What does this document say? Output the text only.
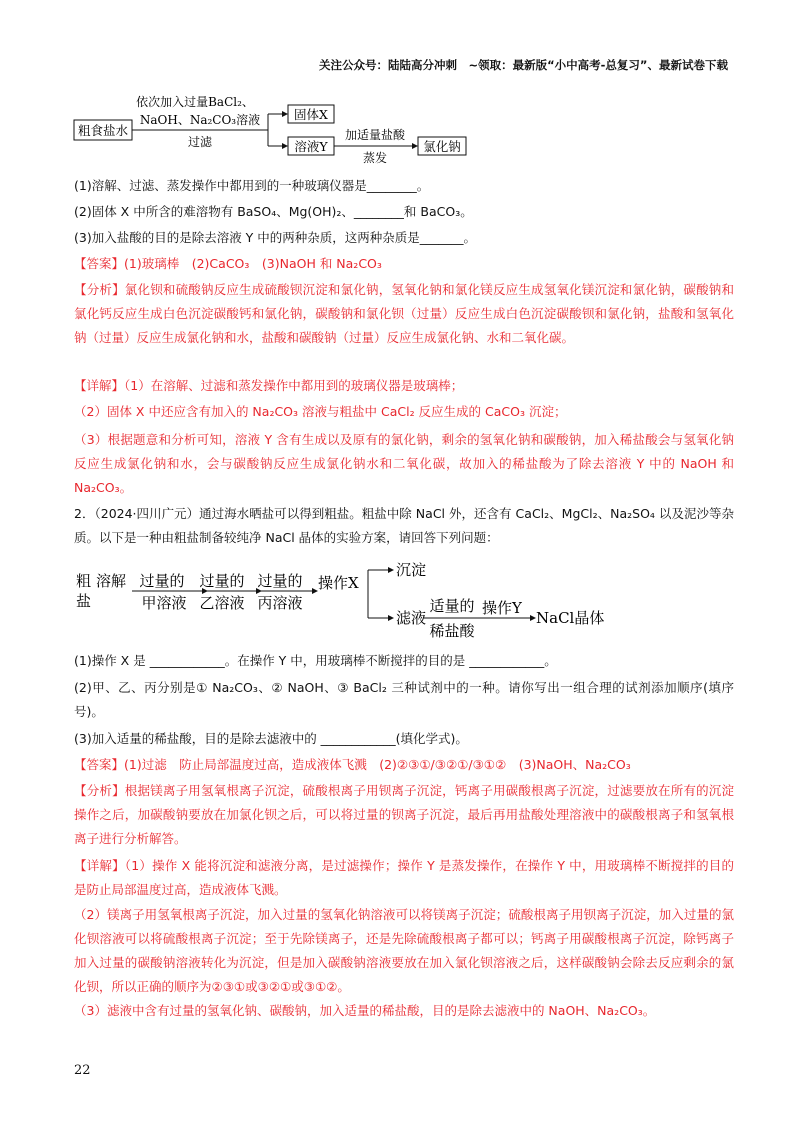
关注公众号：陆陆高分冲刺　~领取：最新版“小中高考-总复习”、最新试卷下载
粗食盐水
依次加入过量BaCl₂、
NaOH、Na₂CO₃溶液
过滤
固体X
溶液Y
加适量盐酸
蒸发
氯化钠
(1)溶解、过滤、蒸发操作中都用到的一种玻璃仪器是________。
(2)固体 X 中所含的难溶物有 BaSO₄、Mg(OH)₂、________和 BaCO₃。
(3)加入盐酸的目的是除去溶液 Y 中的两种杂质，这两种杂质是_______。
【答案】(1)玻璃棒　(2)CaCO₃　(3)NaOH 和 Na₂CO₃
【分析】氯化钡和硫酸钠反应生成硫酸钡沉淀和氯化钠，氢氧化钠和氯化镁反应生成氢氧化镁沉淀和氯化钠，碳酸钠和氯化钙反应生成白色沉淀碳酸钙和氯化钠，碳酸钠和氯化钡（过量）反应生成白色沉淀碳酸钡和氯化钠，盐酸和氢氧化钠（过量）反应生成氯化钠和水，盐酸和碳酸钠（过量）反应生成氯化钠、水和二氧化碳。
【详解】（1）在溶解、过滤和蒸发操作中都用到的玻璃仪器是玻璃棒；
（2）固体 X 中还应含有加入的 Na₂CO₃ 溶液与粗盐中 CaCl₂ 反应生成的 CaCO₃ 沉淀；
（3）根据题意和分析可知，溶液 Y 含有生成以及原有的氯化钠，剩余的氢氧化钠和碳酸钠，加入稀盐酸会与氢氧化钠反应生成氯化钠和水，会与碳酸钠反应生成氯化钠水和二氧化碳，故加入的稀盐酸为了除去溶液 Y 中的 NaOH 和 Na₂CO₃。
2．（2024·四川广元）通过海水晒盐可以得到粗盐。粗盐中除 NaCl 外，还含有 CaCl₂、MgCl₂、Na₂SO₄ 以及泥沙等杂质。以下是一种由粗盐制备较纯净 NaCl 晶体的实验方案，请回答下列问题：
粗
盐
溶解 过量的
甲溶液
过量的
乙溶液
过量的
丙溶液
操作X
沉淀
滤液
适量的
稀盐酸
操作Y
NaCl晶体
(1)操作 X 是 ____________。在操作 Y 中，用玻璃棒不断搅拌的目的是 ____________。
(2)甲、乙、丙分别是① Na₂CO₃、② NaOH、③ BaCl₂ 三种试剂中的一种。请你写出一组合理的试剂添加顺序(填序号)。
(3)加入适量的稀盐酸，目的是除去滤液中的 ____________(填化学式)。
【答案】(1)过滤　防止局部温度过高，造成液体飞溅　(2)②③①/③②①/③①②　(3)NaOH、Na₂CO₃
【分析】根据镁离子用氢氧根离子沉淀，硫酸根离子用钡离子沉淀，钙离子用碳酸根离子沉淀，过滤要放在所有的沉淀操作之后，加碳酸钠要放在加氯化钡之后，可以将过量的钡离子沉淀，最后再用盐酸处理溶液中的碳酸根离子和氢氧根离子进行分析解答。
【详解】（1）操作 X 能将沉淀和滤液分离，是过滤操作；操作 Y 是蒸发操作，在操作 Y 中，用玻璃棒不断搅拌的目的是防止局部温度过高，造成液体飞溅。
（2）镁离子用氢氧根离子沉淀，加入过量的氢氧化钠溶液可以将镁离子沉淀；硫酸根离子用钡离子沉淀，加入过量的氯化钡溶液可以将硫酸根离子沉淀；至于先除镁离子，还是先除硫酸根离子都可以；钙离子用碳酸根离子沉淀，除钙离子加入过量的碳酸钠溶液转化为沉淀，但是加入碳酸钠溶液要放在加入氯化钡溶液之后，这样碳酸钠会除去反应剩余的氯化钡，所以正确的顺序为②③①或③②①或③①②。
（3）滤液中含有过量的氢氧化钠、碳酸钠，加入适量的稀盐酸，目的是除去滤液中的 NaOH、Na₂CO₃。
22
